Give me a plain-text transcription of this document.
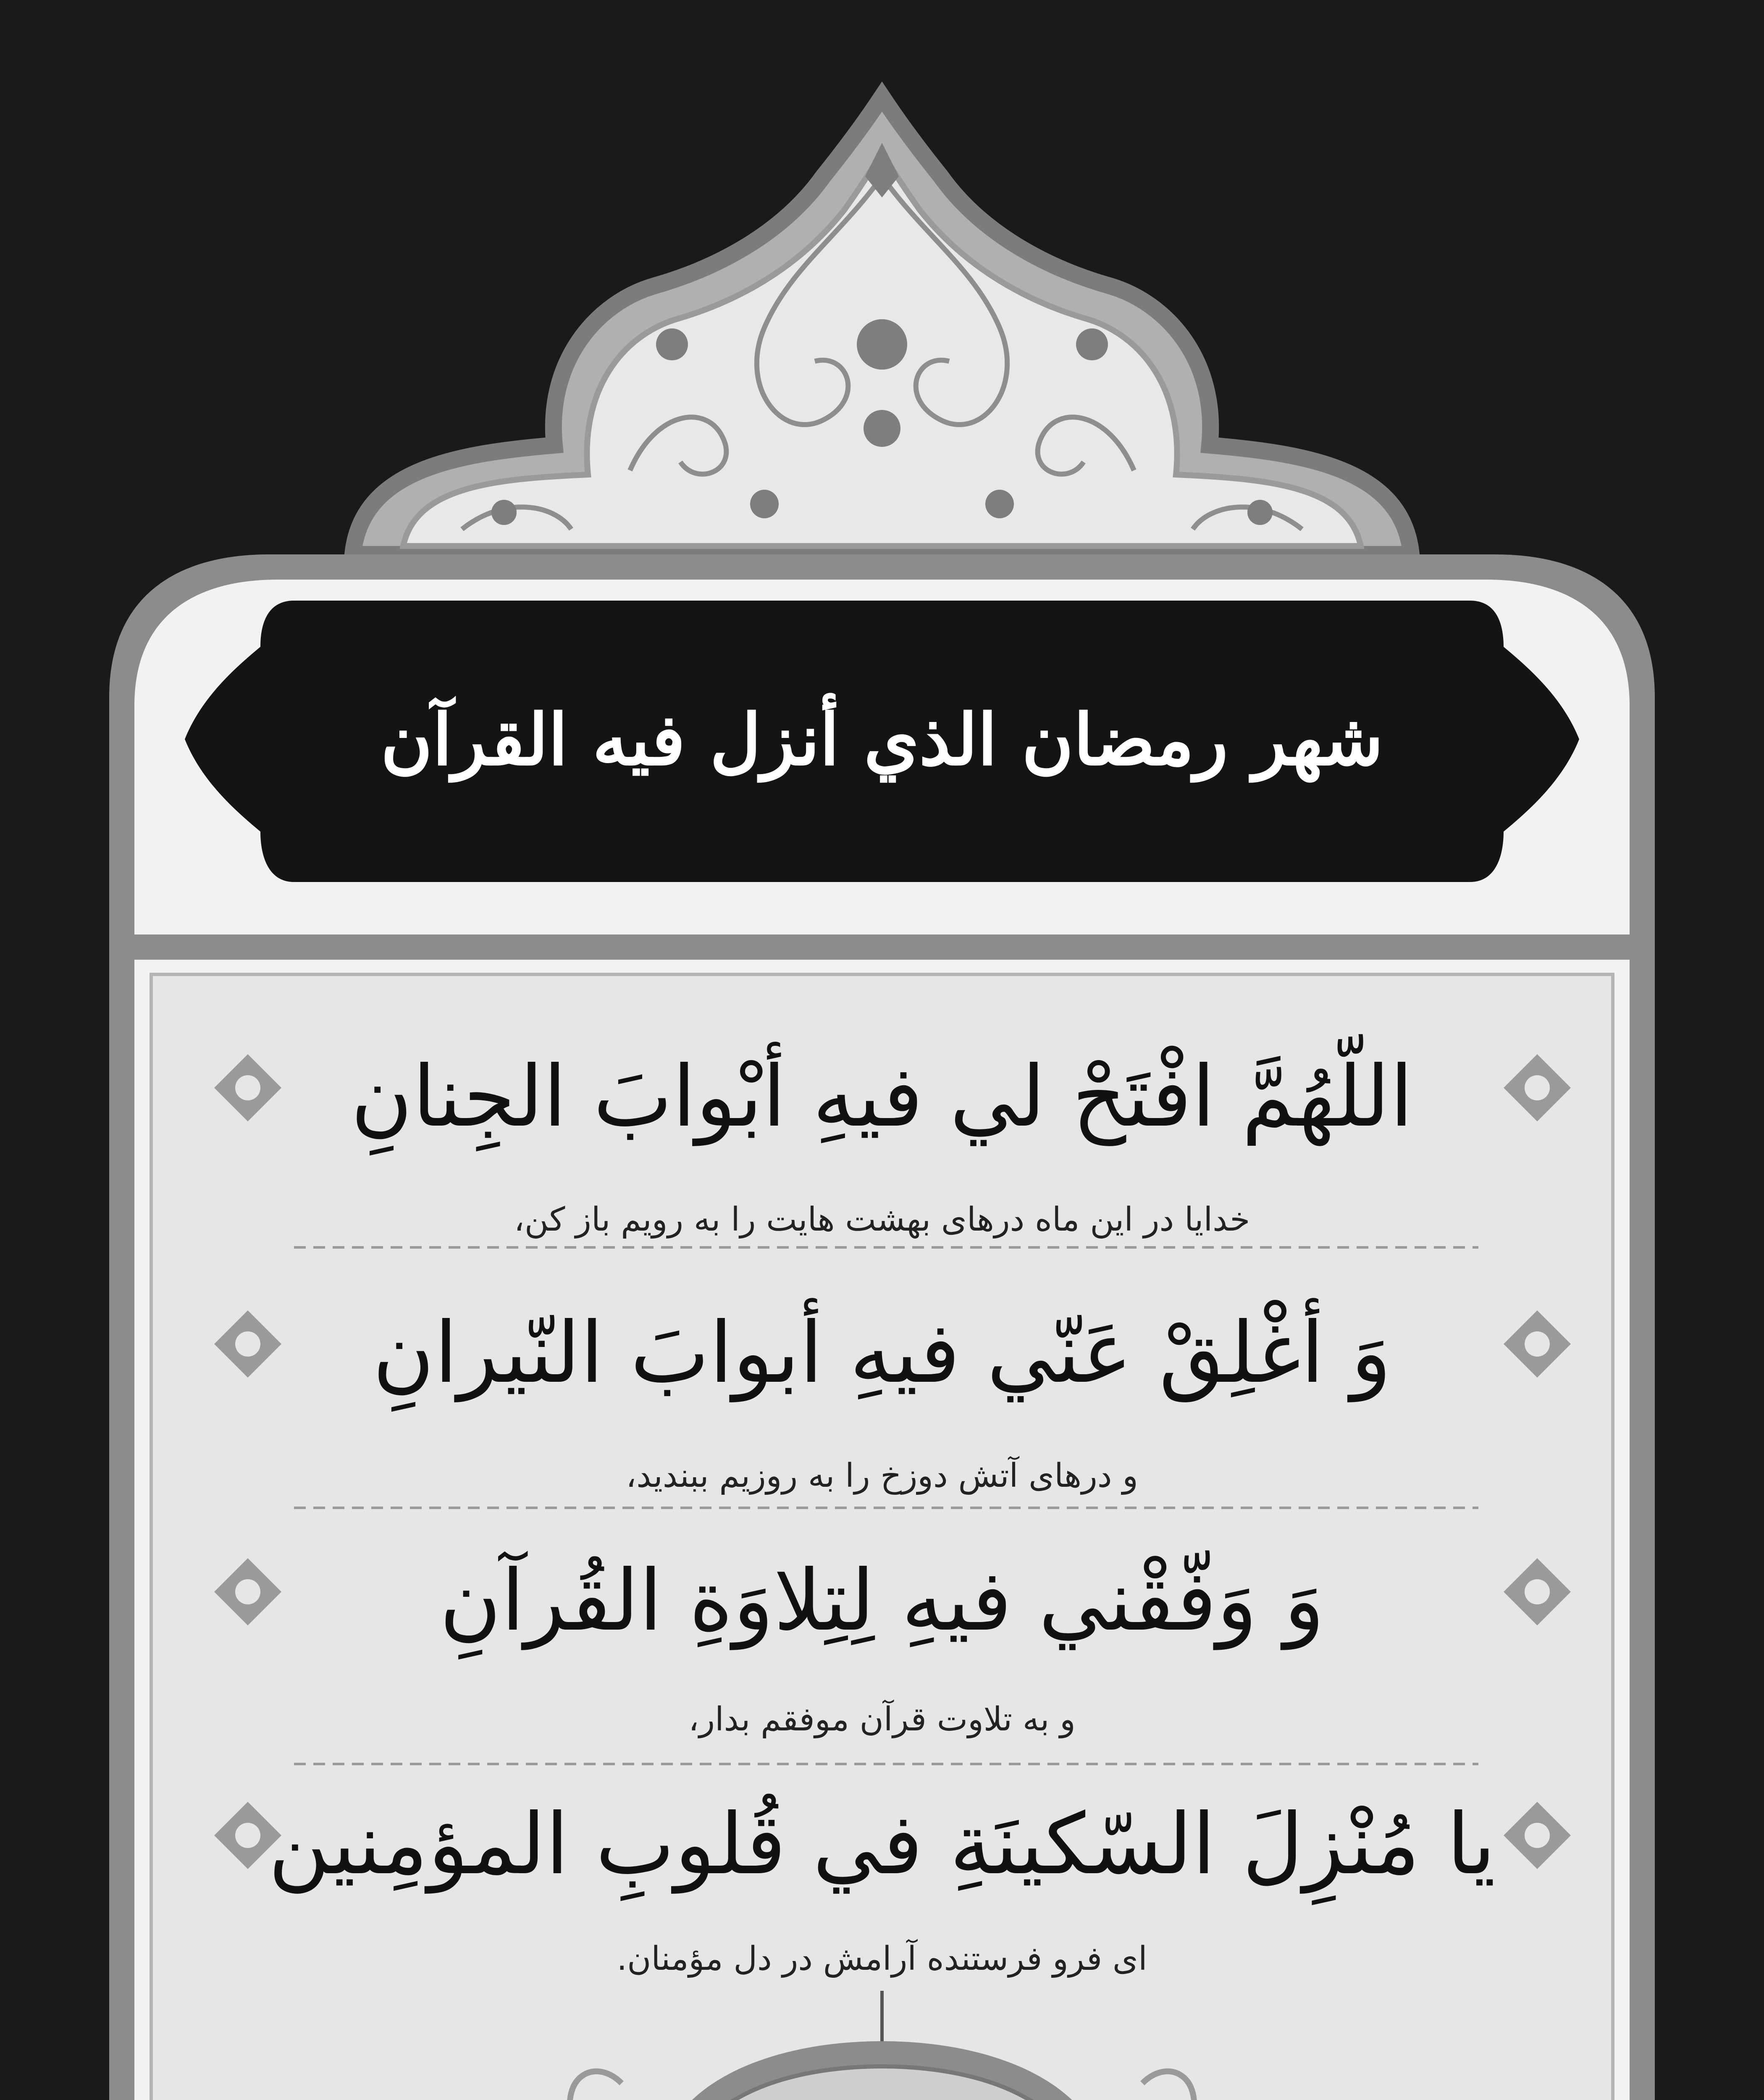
شهر رمضان الذي أنزل فيه القرآن
اللّهُمَّ افْتَحْ لي فيهِ أبْوابَ الجِنانِ
خدایا در این ماه درهای بهشت هایت را به رویم باز کن،
وَ أغْلِقْ عَنّي فيهِ أبوابَ النّيرانِ
و درهای آتش دوزخ را به روزیم ببندید،
وَ وَفّقْني فيهِ لِتِلاوَةِ القُرآنِ
و به تلاوت قرآن موفقم بدار،
يا مُنْزِلَ السّكينَةِ في قُلوبِ المؤمِنين
ای فرو فرستنده آرامش در دل مؤمنان.
